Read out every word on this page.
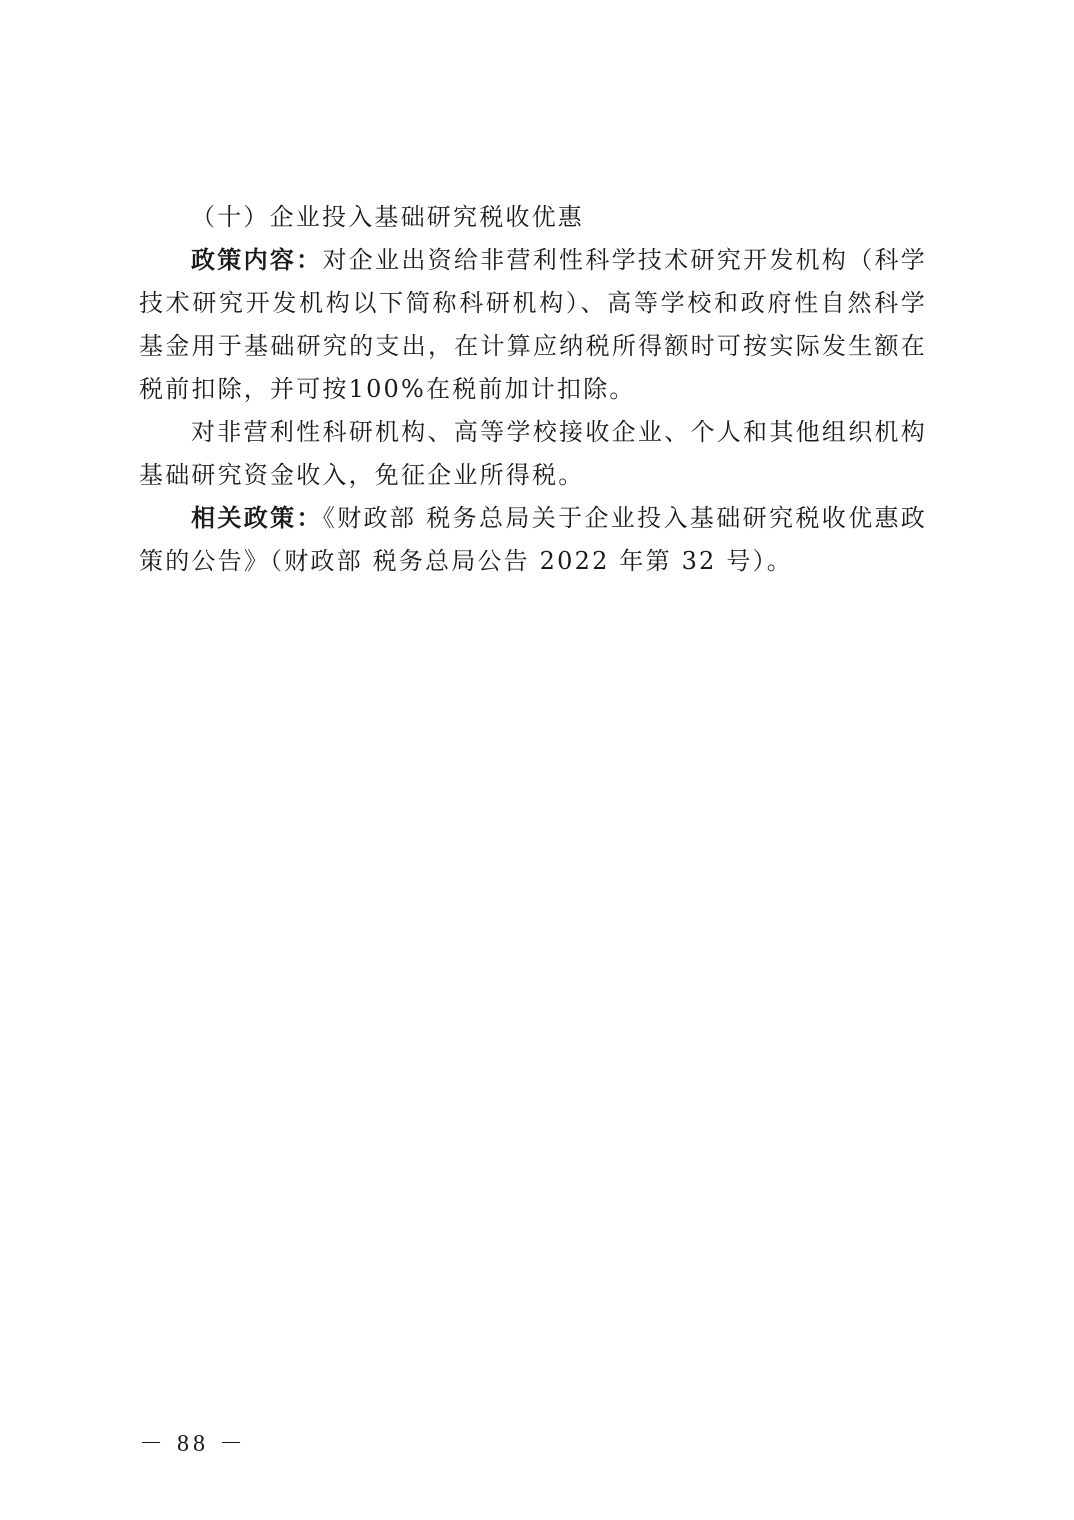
（十）企业投入基础研究税收优惠

政策内容：对企业出资给非营利性科学技术研究开发机构（科学技术研究开发机构以下简称科研机构）、高等学校和政府性自然科学基金用于基础研究的支出，在计算应纳税所得额时可按实际发生额在税前扣除，并可按100%在税前加计扣除。

对非营利性科研机构、高等学校接收企业、个人和其他组织机构基础研究资金收入，免征企业所得税。

相关政策：《财政部 税务总局关于企业投入基础研究税收优惠政策的公告》（财政部 税务总局公告 2022 年第 32 号）。

－ 88 －
